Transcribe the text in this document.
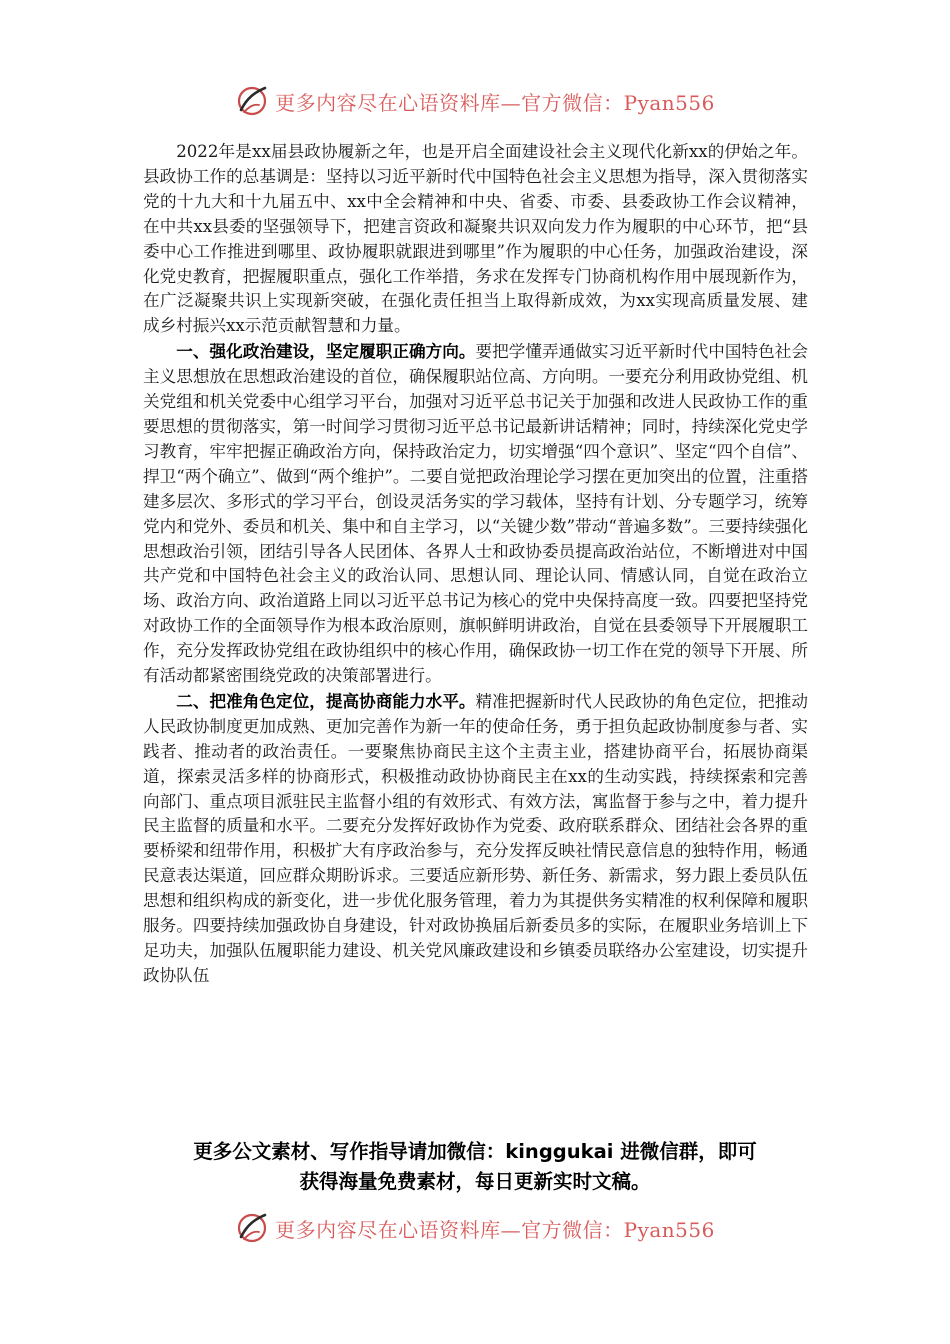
更多内容尽在心语资料库—官方微信：Pyan556

2022年是xx届县政协履新之年，也是开启全面建设社会主义现代化新xx的伊始之年。县政协工作的总基调是：坚持以习近平新时代中国特色社会主义思想为指导，深入贯彻落实党的十九大和十九届五中、xx中全会精神和中央、省委、市委、县委政协工作会议精神，在中共xx县委的坚强领导下，把建言资政和凝聚共识双向发力作为履职的中心环节，把“县委中心工作推进到哪里、政协履职就跟进到哪里”作为履职的中心任务，加强政治建设，深化党史教育，把握履职重点，强化工作举措，务求在发挥专门协商机构作用中展现新作为，在广泛凝聚共识上实现新突破，在强化责任担当上取得新成效，为xx实现高质量发展、建成乡村振兴xx示范贡献智慧和力量。

一、强化政治建设，坚定履职正确方向。要把学懂弄通做实习近平新时代中国特色社会主义思想放在思想政治建设的首位，确保履职站位高、方向明。一要充分利用政协党组、机关党组和机关党委中心组学习平台，加强对习近平总书记关于加强和改进人民政协工作的重要思想的贯彻落实，第一时间学习贯彻习近平总书记最新讲话精神；同时，持续深化党史学习教育，牢牢把握正确政治方向，保持政治定力，切实增强“四个意识”、坚定“四个自信”、捍卫“两个确立”、做到“两个维护”。二要自觉把政治理论学习摆在更加突出的位置，注重搭建多层次、多形式的学习平台，创设灵活务实的学习载体，坚持有计划、分专题学习，统筹党内和党外、委员和机关、集中和自主学习，以“关键少数”带动“普遍多数”。三要持续强化思想政治引领，团结引导各人民团体、各界人士和政协委员提高政治站位，不断增进对中国共产党和中国特色社会主义的政治认同、思想认同、理论认同、情感认同，自觉在政治立场、政治方向、政治道路上同以习近平总书记为核心的党中央保持高度一致。四要把坚持党对政协工作的全面领导作为根本政治原则，旗帜鲜明讲政治，自觉在县委领导下开展履职工作，充分发挥政协党组在政协组织中的核心作用，确保政协一切工作在党的领导下开展、所有活动都紧密围绕党政的决策部署进行。

二、把准角色定位，提高协商能力水平。精准把握新时代人民政协的角色定位，把推动人民政协制度更加成熟、更加完善作为新一年的使命任务，勇于担负起政协制度参与者、实践者、推动者的政治责任。一要聚焦协商民主这个主责主业，搭建协商平台，拓展协商渠道，探索灵活多样的协商形式，积极推动政协协商民主在xx的生动实践，持续探索和完善向部门、重点项目派驻民主监督小组的有效形式、有效方法，寓监督于参与之中，着力提升民主监督的质量和水平。二要充分发挥好政协作为党委、政府联系群众、团结社会各界的重要桥梁和纽带作用，积极扩大有序政治参与，充分发挥反映社情民意信息的独特作用，畅通民意表达渠道，回应群众期盼诉求。三要适应新形势、新任务、新需求，努力跟上委员队伍思想和组织构成的新变化，进一步优化服务管理，着力为其提供务实精准的权利保障和履职服务。四要持续加强政协自身建设，针对政协换届后新委员多的实际，在履职业务培训上下足功夫，加强队伍履职能力建设、机关党风廉政建设和乡镇委员联络办公室建设，切实提升政协队伍

更多公文素材、写作指导请加微信：kinggukai 进微信群，即可
获得海量免费素材，每日更新实时文稿。
更多内容尽在心语资料库—官方微信：Pyan556
